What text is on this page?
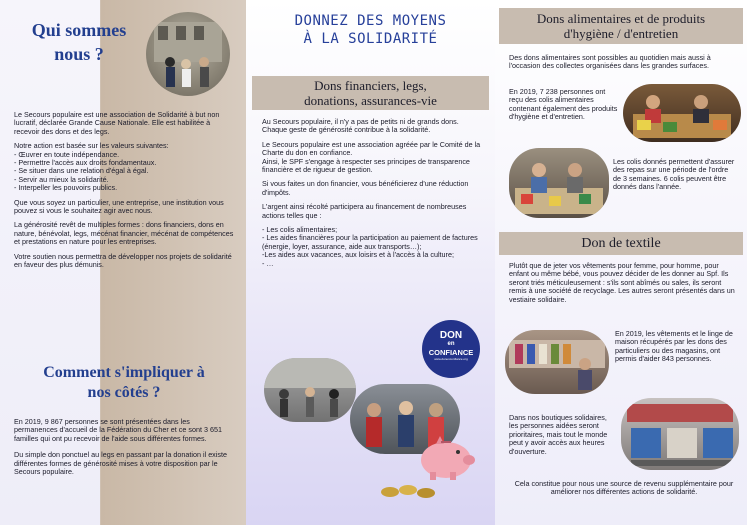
Qui sommes
nous ?

Le Secours populaire est une association de Solidarité à but non lucratif, déclarée Grande Cause Nationale. Elle est habilitée à recevoir des dons et des legs.

Notre action est basée sur les valeurs suivantes:

- Œuvrer en toute indépendance.
- Permettre l'accès aux droits fondamentaux.
- Se situer dans une relation d'égal à égal.
- Servir au mieux la solidarité.
- Interpeller les pouvoirs publics.

Que vous soyez un particulier, une entreprise, une institution vous pouvez si vous le souhaitez agir avec nous.

La générosité revêt de multiples formes : dons financiers, dons en nature, bénévolat, legs, mécénat financier, mécénat de compétences et prestations en nature pour les entreprises.

Votre soutien nous permettra de développer nos projets de solidarité en faveur des plus démunis.

Comment s'impliquer à
nos côtés ?

En 2019, 9 867 personnes se sont présentées dans les permanences d'accueil de la Fédération du Cher et ce sont 3 651 familles qui ont pu recevoir de l'aide sous différentes formes.

Du simple don ponctuel au legs en passant par la donation il existe différentes formes de générosité mises à votre disposition par le Secours populaire.

DONNEZ DES MOYENS
À LA SOLIDARITÉ
Dons financiers, legs,
donations, assurances-vie

Au Secours populaire, il n'y a pas de petits ni de grands dons. Chaque geste de générosité contribue à la solidarité.

Le Secours populaire est une association agréée par le Comité de la Charte du don en confiance.

Ainsi, le SPF s'engage à respecter ses principes de transparence financière et de rigueur de gestion.

Si vous faites un don financier, vous bénéficierez d'une réduction d'impôts.

L'argent ainsi récolté participera au financement de nombreuses actions telles que :

- Les colis alimentaires;
- Les aides financières pour la participation au paiement de factures (énergie, loyer, assurance, aide aux transports…);
-Les aides aux vacances, aux loisirs et à l'accès à la culture;
- …
DON
en
CONFIANCE
www.donenconfiance.org
Dons alimentaires et de produits
d'hygiène / d'entretien
Des dons alimentaires sont possibles au quotidien mais aussi à l'occasion des collectes organisées dans les grandes surfaces.
En 2019, 7 238 personnes ont reçu des colis alimentaires contenant également des produits d'hygiène et d'entretien.
Les colis donnés permettent d'assurer des repas sur une période de l'ordre de 3 semaines. 6 colis peuvent être donnés dans l'année.
Don de textile
Plutôt que de jeter vos vêtements pour femme, pour homme, pour enfant ou même bébé, vous pouvez décider de les donner au Spf. Ils seront triés méticuleusement : s'ils sont abîmés ou sales, ils seront remis à une société de recyclage. Les autres seront présentés dans un vestiaire solidaire.
En 2019, les vêtements et le linge de maison récupérés par les dons des particuliers ou des magasins, ont permis d'aider 843 personnes.
Dans nos boutiques solidaires, les personnes aidées seront prioritaires, mais tout le monde peut y avoir accès aux heures d'ouverture.
Cela constitue pour nous une source de revenu supplémentaire pour améliorer nos différentes actions de solidarité.
